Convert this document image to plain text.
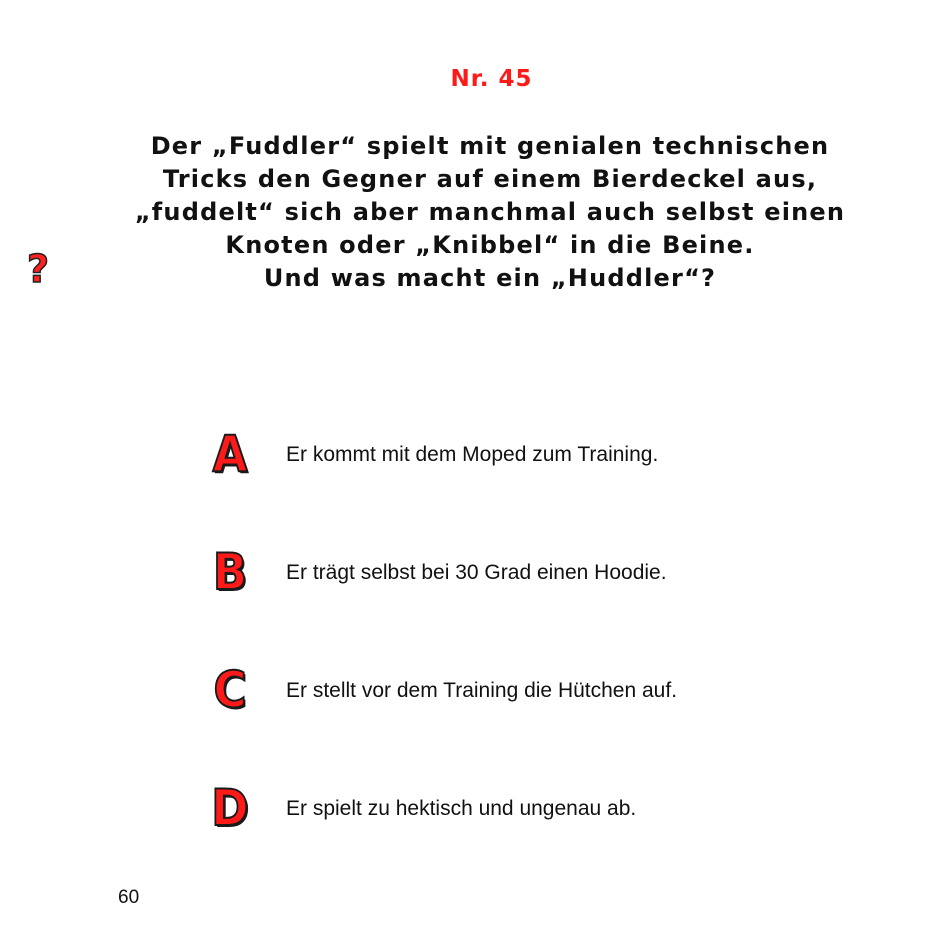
Nr. 45
Der „Fuddler“ spielt mit genialen technischen
Tricks den Gegner auf einem Bierdeckel aus,
„fuddelt“ sich aber manchmal auch selbst einen
Knoten oder „Knibbel“ in die Beine.
Und was macht ein „Huddler“?
?
A Er kommt mit dem Moped zum Training.
B Er trägt selbst bei 30 Grad einen Hoodie.
C Er stellt vor dem Training die Hütchen auf.
D Er spielt zu hektisch und ungenau ab.
60
